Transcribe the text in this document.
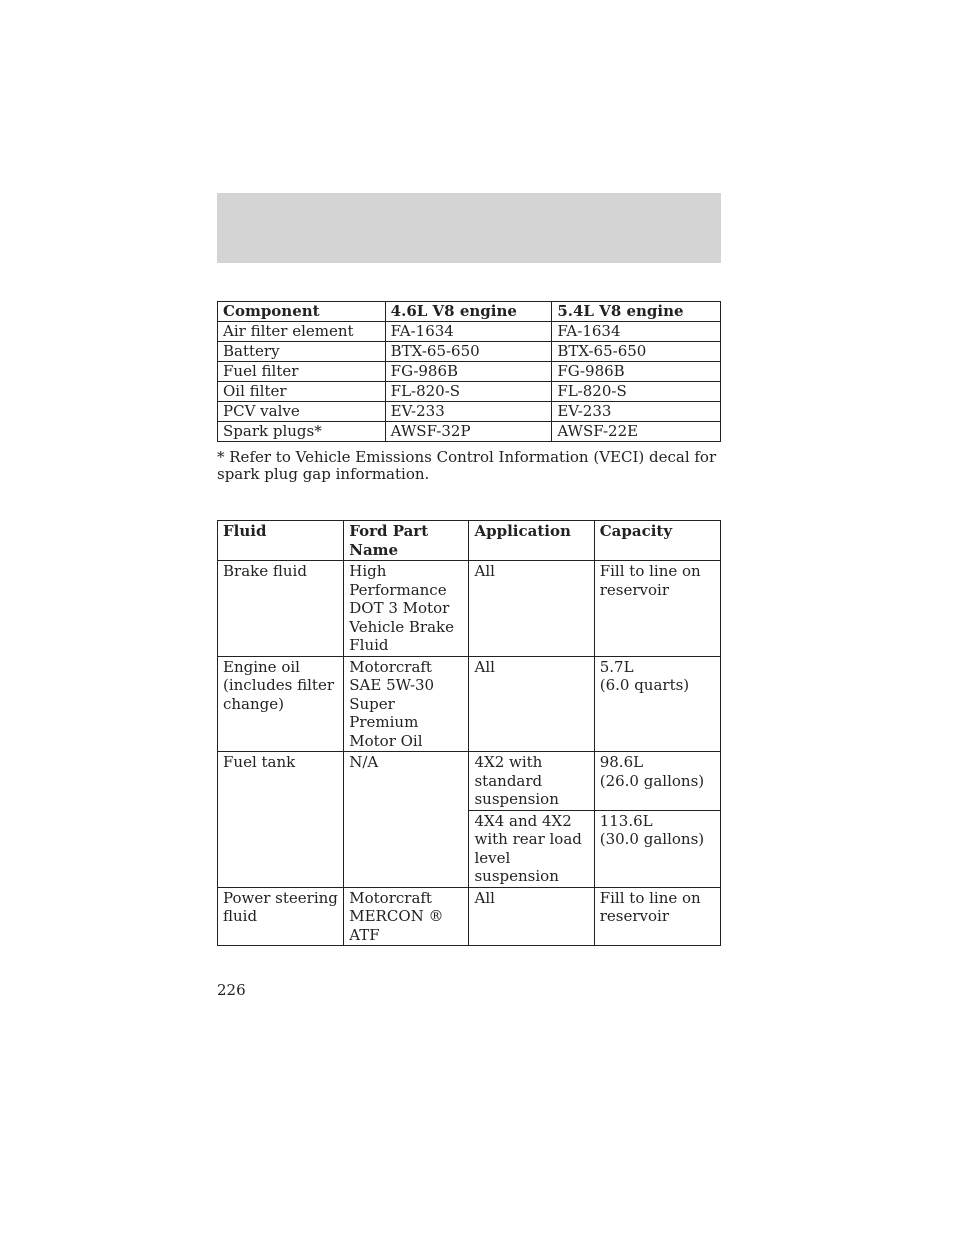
Component	4.6L V8 engine	5.4L V8 engine
Air filter element	FA-1634	FA-1634
Battery	BTX-65-650	BTX-65-650
Fuel filter	FG-986B	FG-986B
Oil filter	FL-820-S	FL-820-S
PCV valve	EV-233	EV-233
Spark plugs*	AWSF-32P	AWSF-22E

* Refer to Vehicle Emissions Control Information (VECI) decal for spark plug gap information.

Fluid	Ford Part Name	Application	Capacity
Brake fluid	High Performance DOT 3 Motor Vehicle Brake Fluid	All	Fill to line on reservoir
Engine oil (includes filter change)	Motorcraft SAE 5W-30 Super Premium Motor Oil	All	5.7L
(6.0 quarts)

Fuel tank	N/A	4X2 with standard suspension	98.6L
(26.0 gallons)

		4X4 and 4X2 with rear load level suspension	113.6L
(30.0 gallons)

Power steering fluid	Motorcraft MERCON ® ATF	All	Fill to line on reservoir
226
